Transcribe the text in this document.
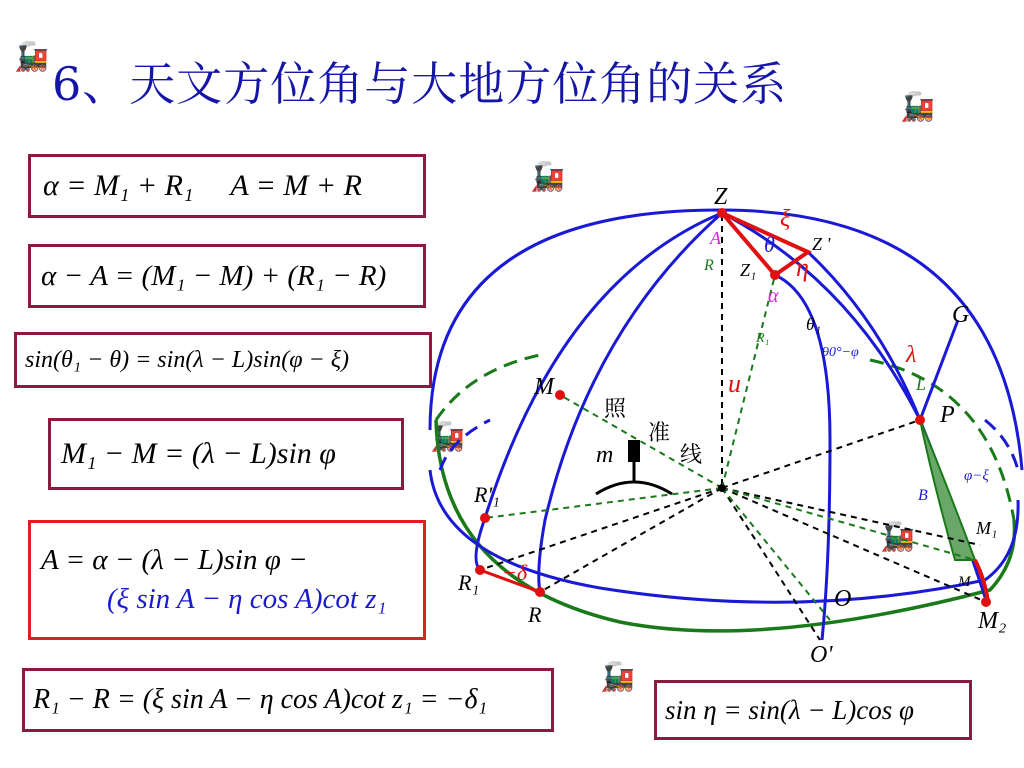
🚂
🚂
🚂
🚂
🚂
🚂
6、天文方位角与大地方位角的关系
α = M₁ + R₁     A = M + R
α − A = (M₁ − M) + (R₁ − R)
sin(θ₁ − θ) = sin(λ − L)sin(φ − ξ)
M₁ − M = (λ − L)sin φ
A = α − (λ − L)sin φ −
(ξ sin A − η cos A)cot z₁
R₁ − R = (ξ sin A − η cos A)cot z₁ = −δ₁	sin η = sin(λ − L)cos φ
Z
Z '
Z₁
ξ
η
θ
A
R
α
θ₁
R₁
90°−φ
G
λ
L
P
u
M
m
照
准
线
φ−ξ
B
R'₁
R₁
R
−δ
M₁
M
M₂
O
O'
